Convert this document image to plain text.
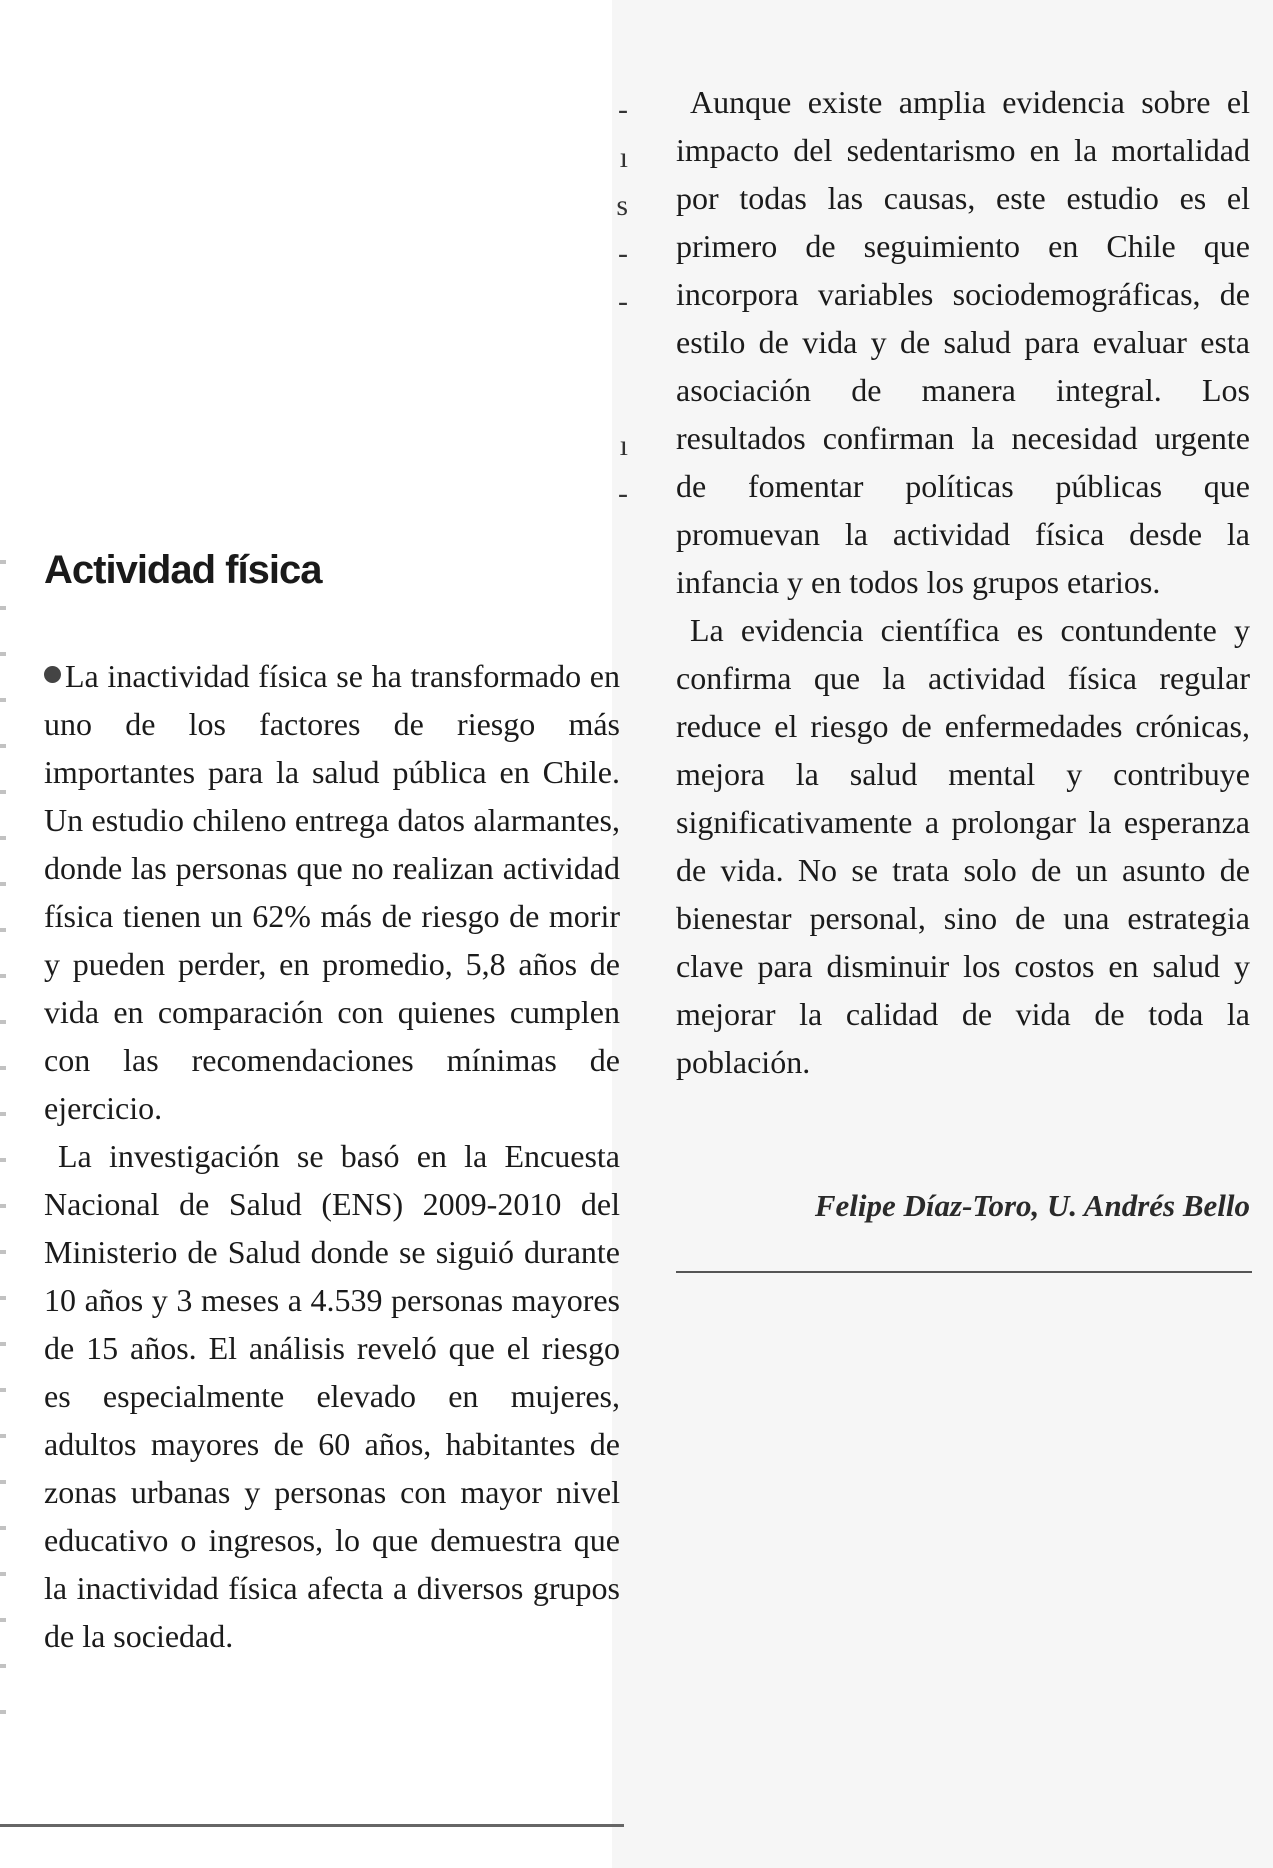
-
ı
s
-
-
ı
-
Actividad física

La inactividad física se ha transformado en uno de los factores de riesgo más importantes para la salud pública en Chile. Un estudio chileno entrega datos alarmantes, donde las personas que no realizan actividad física tienen un 62% más de riesgo de morir y pueden perder, en promedio, 5,8 años de vida en comparación con quienes cumplen con las recomendaciones mínimas de ejercicio.

La investigación se basó en la Encuesta Nacional de Salud (ENS) 2009-2010 del Ministerio de Salud donde se siguió durante 10 años y 3 meses a 4.539 personas mayores de 15 años. El análisis reveló que el riesgo es especialmente elevado en mujeres, adultos mayores de 60 años, habitantes de zonas urbanas y personas con mayor nivel educativo o ingresos, lo que demuestra que la inactividad física afecta a diversos grupos de la sociedad.

Aunque existe amplia evidencia sobre el impacto del sedentarismo en la mortalidad por todas las causas, este estudio es el primero de seguimiento en Chile que incorpora variables sociodemográficas, de estilo de vida y de salud para evaluar esta asociación de manera integral. Los resultados confirman la necesidad urgente de fomentar políticas públicas que promuevan la actividad física desde la infancia y en todos los grupos etarios.

La evidencia científica es contundente y confirma que la actividad física regular reduce el riesgo de enfermedades crónicas, mejora la salud mental y contribuye significativamente a prolongar la esperanza de vida. No se trata solo de un asunto de bienestar personal, sino de una estrategia clave para disminuir los costos en salud y mejorar la calidad de vida de toda la población.

Felipe Díaz-Toro, U. Andrés Bello
